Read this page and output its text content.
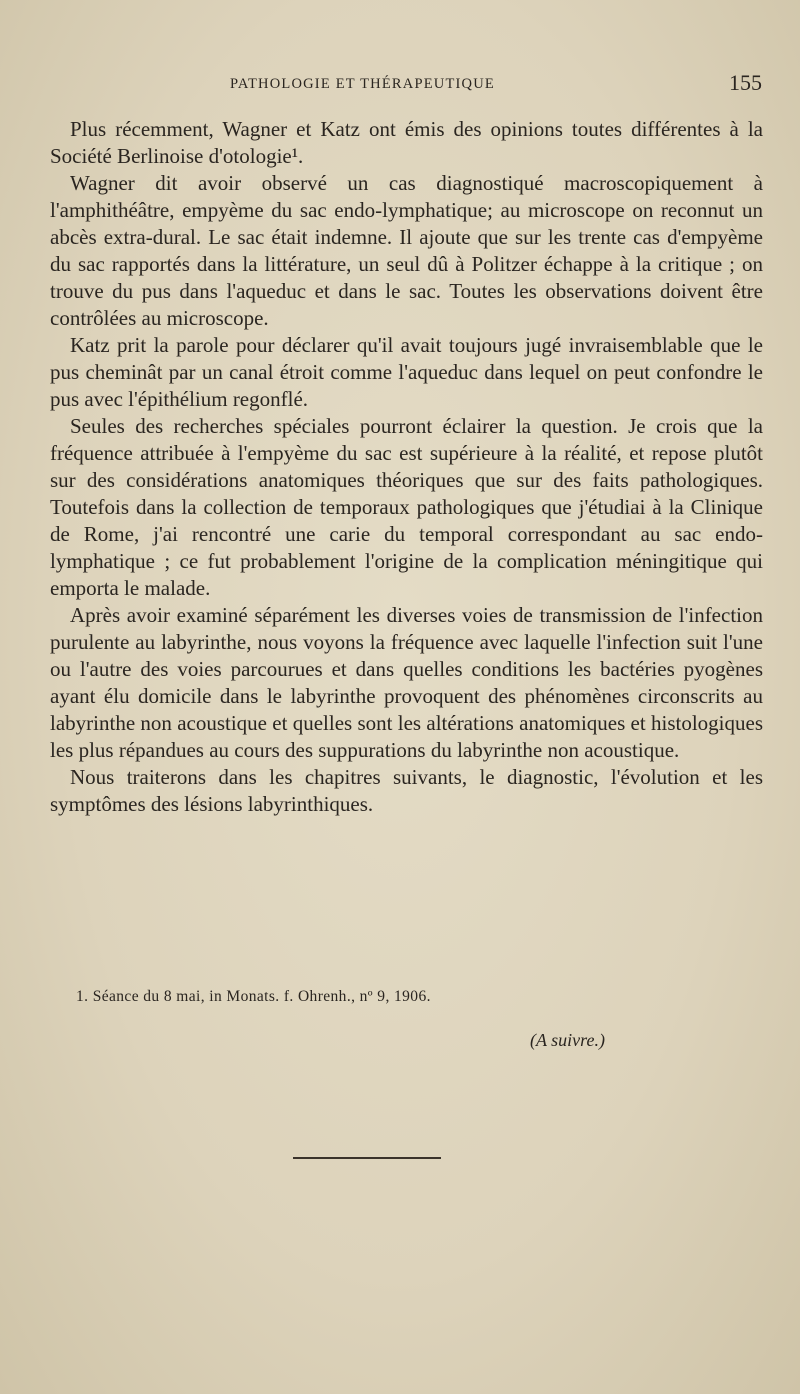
PATHOLOGIE ET THÉRAPEUTIQUE	155

Plus récemment, Wagner et Katz ont émis des opinions toutes différentes à la Société Berlinoise d'otologie¹.

Wagner dit avoir observé un cas diagnostiqué macroscopiquement à l'amphithéâtre, empyème du sac endo-lymphatique; au microscope on reconnut un abcès extra-dural. Le sac était indemne. Il ajoute que sur les trente cas d'empyème du sac rapportés dans la littérature, un seul dû à Politzer échappe à la critique ; on trouve du pus dans l'aqueduc et dans le sac. Toutes les observations doivent être contrôlées au microscope.

Katz prit la parole pour déclarer qu'il avait toujours jugé invraisemblable que le pus cheminât par un canal étroit comme l'aqueduc dans lequel on peut confondre le pus avec l'épithélium regonflé.

Seules des recherches spéciales pourront éclairer la question. Je crois que la fréquence attribuée à l'empyème du sac est supérieure à la réalité, et repose plutôt sur des considérations anatomiques théoriques que sur des faits pathologiques. Toutefois dans la collection de temporaux pathologiques que j'étudiai à la Clinique de Rome, j'ai rencontré une carie du temporal correspondant au sac endo-lymphatique ; ce fut probablement l'origine de la complication méningitique qui emporta le malade.

Après avoir examiné séparément les diverses voies de transmission de l'infection purulente au labyrinthe, nous voyons la fréquence avec laquelle l'infection suit l'une ou l'autre des voies parcourues et dans quelles conditions les bactéries pyogènes ayant élu domicile dans le labyrinthe provoquent des phénomènes circonscrits au labyrinthe non acoustique et quelles sont les altérations anatomiques et histologiques les plus répandues au cours des suppurations du labyrinthe non acoustique.

Nous traiterons dans les chapitres suivants, le diagnostic, l'évolution et les symptômes des lésions labyrinthiques.

1. Séance du 8 mai, in Monats. f. Ohrenh., nº 9, 1906.
(A suivre.)
